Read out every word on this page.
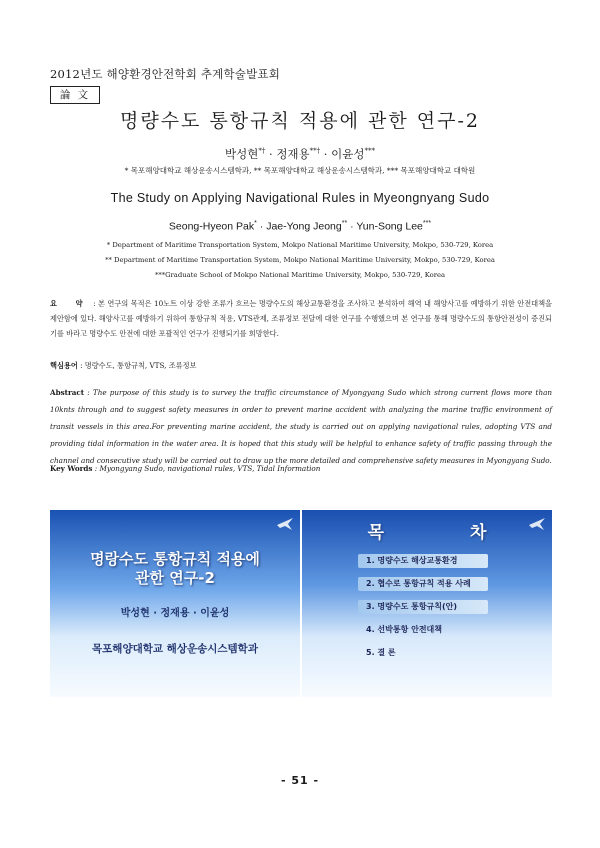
2012년도 해양환경안전학회 추계학술발표회
論 文
명량수도 통항규칙 적용에 관한 연구-2
박성현*† · 정재용**† · 이윤성***
* 목포해양대학교 해상운송시스템학과, ** 목포해양대학교 해상운송시스템학과, *** 목포해양대학교 대학원
The Study on Applying Navigational Rules in Myeongnyang Sudo
Seong-Hyeon Pak* · Jae-Yong Jeong** · Yun-Song Lee***
* Department of Maritime Transportation System, Mokpo National Maritime University, Mokpo, 530-729, Korea
** Department of Maritime Transportation System, Mokpo National Maritime University, Mokpo, 530-729, Korea
***Graduate School of Mokpo National Maritime University, Mokpo, 530-729, Korea
요 약 : 본 연구의 목적은 10노트 이상 강한 조류가 흐르는 명량수도의 해상교통환경을 조사하고 분석하여 해역 내 해양사고를 예방하기 위한 안전대책을 제안함에 있다. 해양사고를 예방하기 위하여 통항규칙 적용, VTS관제, 조류정보 전달에 대한 연구를 수행했으며 본 연구를 통해 명량수도의 통항안전성이 증진되기를 바라고 명량수도 안전에 대한 포괄적인 연구가 진행되기를 희망한다.
핵심용어 : 명량수도, 통항규칙, VTS, 조류정보
Abstract : The purpose of this study is to survey the traffic circumstance of Myongyang Sudo which strong current flows more than 10knts through and to suggest safety measures in order to prevent marine accident with analyzing the marine traffic environment of transit vessels in this area.For preventing marine accident, the study is carried out on applying navigational rules, adopting VTS and providing tidal information in the water area. It is hoped that this study will be helpful to enhance safety of traffic passing through the channel and consecutive study will be carried out to draw up the more detailed and comprehensive safety measures in Myongyang Sudo.
Key Words : Myongyang Sudo, navigational rules, VTS, Tidal Information
명랑수도 통항규칙 적용에
관한 연구-2
박성현 · 정재용 · 이윤성
목포해양대학교 해상운송시스템학과
목 차
1. 명량수도 해상교통환경
2. 협수로 통항규칙 적용 사례
3. 명량수도 통항규칙(안)
4. 선박통항 안전대책
5. 결 론
- 51 -
